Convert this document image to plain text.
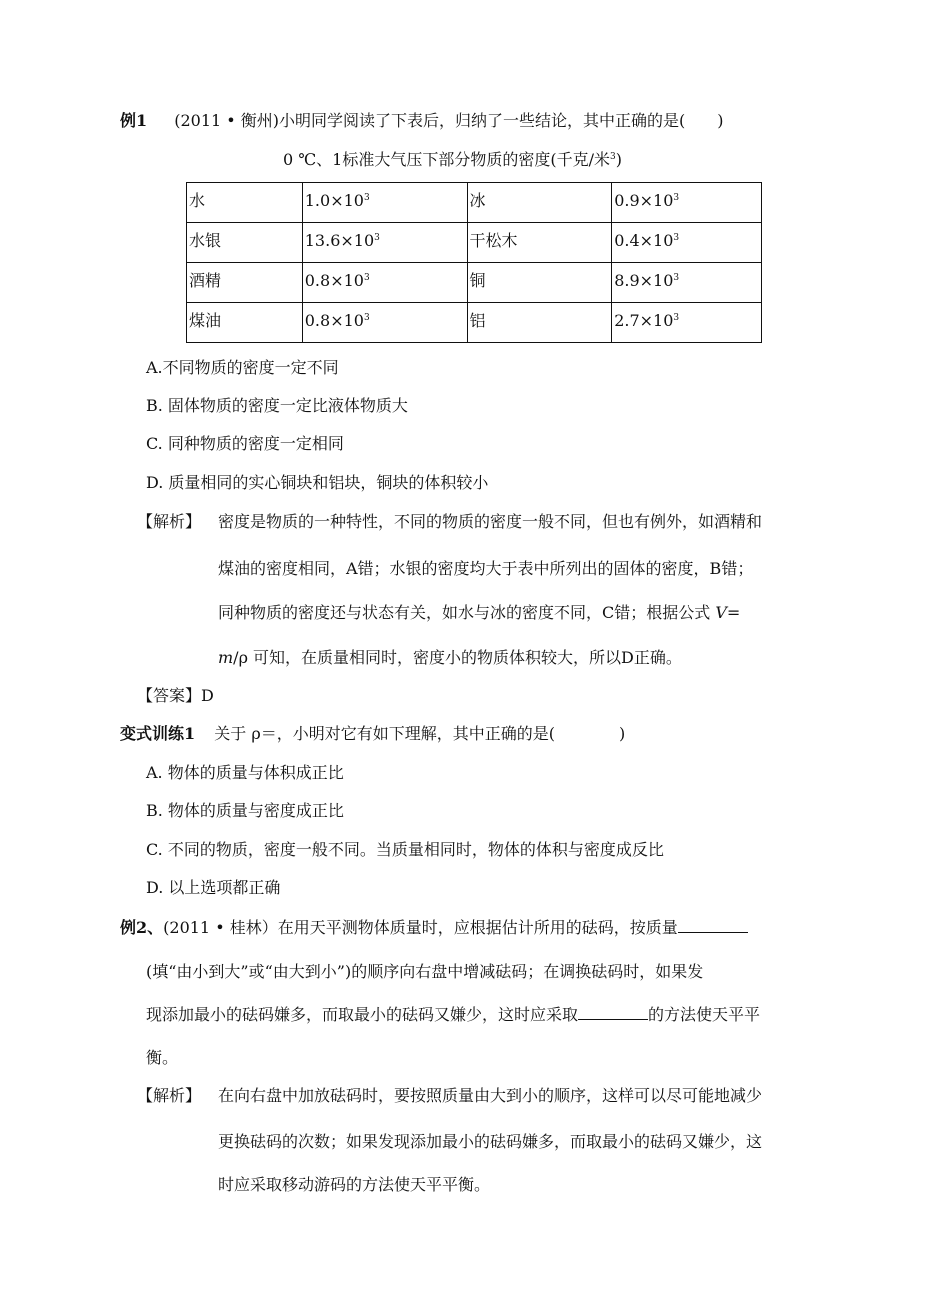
例1 (2011 • 衡州)小明同学阅读了下表后，归纳了一些结论，其中正确的是(　　)
0 ℃、1标准大气压下部分物质的密度(千克/米$^3$)
水	$1.0\times 10^3$	冰	$0.9\times 10^3$
水银	$13.6\times 10^3$	干松木	$0.4\times 10^3$
酒精	$0.8\times 10^3$	铜	$8.9\times 10^3$
煤油	$0.8\times 10^3$	铝	$2.7\times 10^3$
A.不同物质的密度一定不同
B. 固体物质的密度一定比液体物质大
C. 同种物质的密度一定相同
D. 质量相同的实心铜块和铝块，铜块的体积较小
【解析】 密度是物质的一种特性，不同的物质的密度一般不同，但也有例外，如酒精和
煤油的密度相同，A错；水银的密度均大于表中所列出的固体的密度，B错；
同种物质的密度还与状态有关，如水与冰的密度不同，C错；根据公式 V=
m/ρ 可知，在质量相同时，密度小的物质体积较大，所以D正确。
【答案】D
变式训练1 关于 ρ＝，小明对它有如下理解，其中正确的是(　　　　)
A. 物体的质量与体积成正比
B. 物体的质量与密度成正比
C. 不同的物质，密度一般不同。当质量相同时，物体的体积与密度成反比
D. 以上选项都正确
例2、(2011 • 桂林）在用天平测物体质量时，应根据估计所用的砝码，按质量
(填“由小到大”或“由大到小”)的顺序向右盘中增减砝码；在调换砝码时，如果发
现添加最小的砝码嫌多，而取最小的砝码又嫌少，这时应采取	的方法使天平平
衡。
【解析】 在向右盘中加放砝码时，要按照质量由大到小的顺序，这样可以尽可能地减少
更换砝码的次数；如果发现添加最小的砝码嫌多，而取最小的砝码又嫌少，这
时应采取移动游码的方法使天平平衡。
